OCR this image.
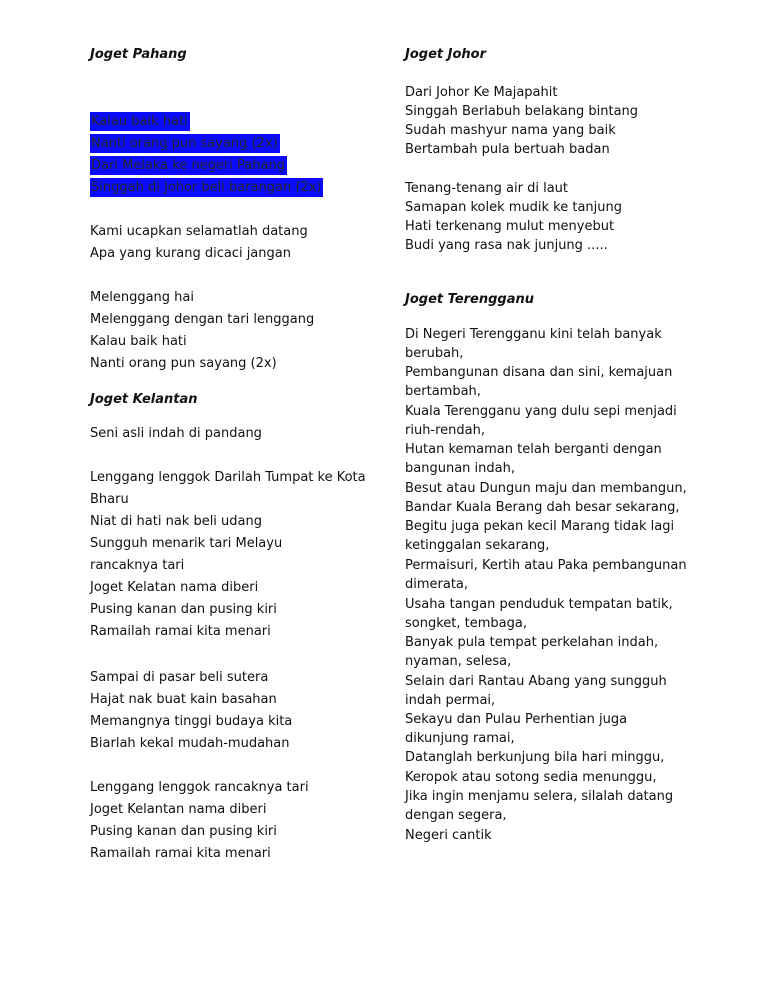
Joget Pahang
Kalau baik hati
Nanti orang pun sayang (2x)
Dari Melaka ke negeri Pahang
Singgah di Johor beli barangan (2x)
Kami ucapkan selamatlah datang
Apa yang kurang dicaci jangan
Melenggang hai
Melenggang dengan tari lenggang
Kalau baik hati
Nanti orang pun sayang (2x)
Joget Kelantan
Seni asli indah di pandang
Lenggang lenggok Darilah Tumpat ke Kota
Bharu
Niat di hati nak beli udang
Sungguh menarik tari Melayu
rancaknya tari
Joget Kelatan nama diberi
Pusing kanan dan pusing kiri
Ramailah ramai kita menari
Sampai di pasar beli sutera
Hajat nak buat kain basahan
Memangnya tinggi budaya kita
Biarlah kekal mudah-mudahan
Lenggang lenggok rancaknya tari
Joget Kelantan nama diberi
Pusing kanan dan pusing kiri
Ramailah ramai kita menari
Joget Johor
Dari Johor Ke Majapahit
Singgah Berlabuh belakang bintang
Sudah mashyur nama yang baik
Bertambah pula bertuah badan
Tenang-tenang air di laut
Samapan kolek mudik ke tanjung
Hati terkenang mulut menyebut
Budi yang rasa nak junjung .....
Joget Terengganu
Di Negeri Terengganu kini telah banyak
berubah,
Pembangunan disana dan sini, kemajuan
bertambah,
Kuala Terengganu yang dulu sepi menjadi
riuh-rendah,
Hutan kemaman telah berganti dengan
bangunan indah,
Besut atau Dungun maju dan membangun,
Bandar Kuala Berang dah besar sekarang,
Begitu juga pekan kecil Marang tidak lagi
ketinggalan sekarang,
Permaisuri, Kertih atau Paka pembangunan
dimerata,
Usaha tangan penduduk tempatan batik,
songket, tembaga,
Banyak pula tempat perkelahan indah,
nyaman, selesa,
Selain dari Rantau Abang yang sungguh
indah permai,
Sekayu dan Pulau Perhentian juga
dikunjung ramai,
Datanglah berkunjung bila hari minggu,
Keropok atau sotong sedia menunggu,
Jika ingin menjamu selera, silalah datang
dengan segera,
Negeri cantik
